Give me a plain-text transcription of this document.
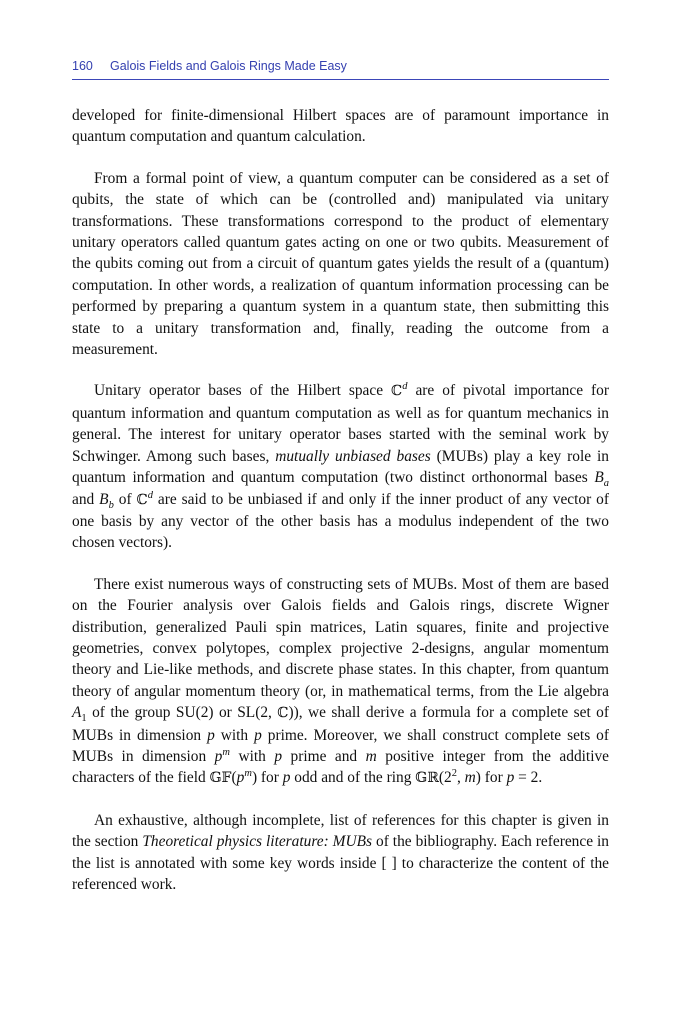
160 Galois Fields and Galois Rings Made Easy

developed for finite-dimensional Hilbert spaces are of paramount importance in quantum computation and quantum calculation.

From a formal point of view, a quantum computer can be considered as a set of qubits, the state of which can be (controlled and) manipulated via unitary transformations. These transformations correspond to the product of elementary unitary operators called quantum gates acting on one or two qubits. Measurement of the qubits coming out from a circuit of quantum gates yields the result of a (quantum) computation. In other words, a realization of quantum information processing can be performed by preparing a quantum system in a quantum state, then submitting this state to a unitary transformation and, finally, reading the outcome from a measurement.

Unitary operator bases of the Hilbert space ℂ$^d$ are of pivotal importance for quantum information and quantum computation as well as for quantum mechanics in general. The interest for unitary operator bases started with the seminal work by Schwinger. Among such bases, mutually unbiased bases (MUBs) play a key role in quantum information and quantum computation (two distinct orthonormal bases $B_a$ and $B_b$ of ℂ$^d$ are said to be unbiased if and only if the inner product of any vector of one basis by any vector of the other basis has a modulus independent of the two chosen vectors).

There exist numerous ways of constructing sets of MUBs. Most of them are based on the Fourier analysis over Galois fields and Galois rings, discrete Wigner distribution, generalized Pauli spin matrices, Latin squares, finite and projective geometries, convex polytopes, complex projective 2-designs, angular momentum theory and Lie-like methods, and discrete phase states. In this chapter, from quantum theory of angular momentum theory (or, in mathematical terms, from the Lie algebra $A_1$ of the group SU(2) or SL(2, ℂ)), we shall derive a formula for a complete set of MUBs in dimension p with p prime. Moreover, we shall construct complete sets of MUBs in dimension $p^m$ with p prime and m positive integer from the additive characters of the field $𝔾𝔽(p^m)$ for p odd and of the ring $𝔾ℝ(2^2$, m) for p = 2.

An exhaustive, although incomplete, list of references for this chapter is given in the section Theoretical physics literature: MUBs of the bibliography. Each reference in the list is annotated with some key words inside [ ] to characterize the content of the referenced work.
